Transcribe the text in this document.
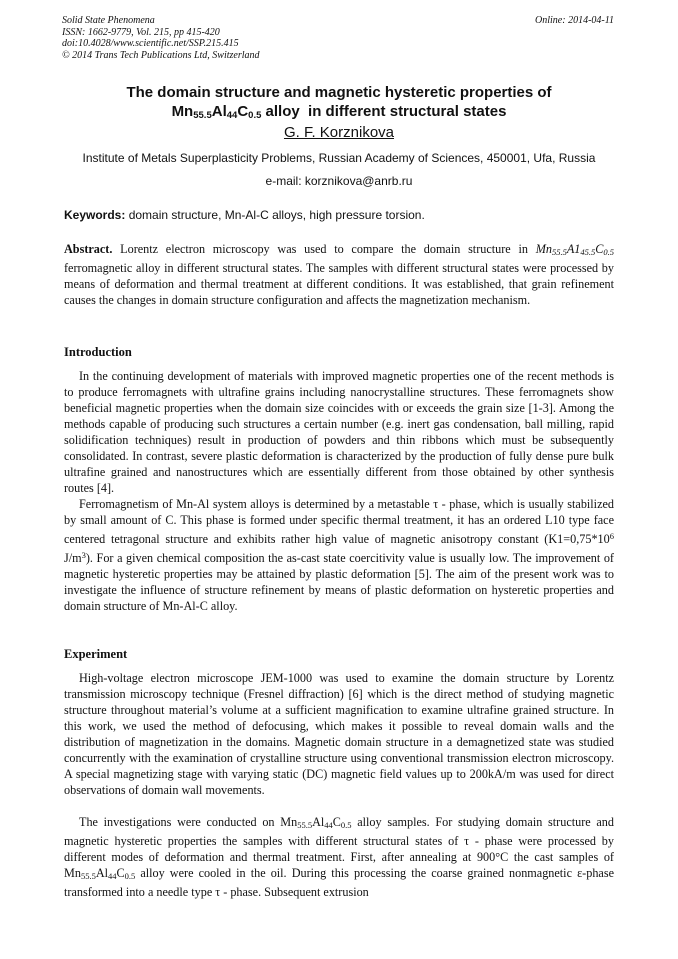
Solid State Phenomena
ISSN: 1662-9779, Vol. 215, pp 415-420
doi:10.4028/www.scientific.net/SSP.215.415
© 2014 Trans Tech Publications Ltd, Switzerland
Online: 2014-04-11
The domain structure and magnetic hysteretic properties of
$Mn_{55.5}Al_{44}C_{0.5}$ alloy  in different structural states
G. F. Korznikova
Institute of Metals Superplasticity Problems, Russian Academy of Sciences, 450001, Ufa, Russia
e-mail: korznikova@anrb.ru
Keywords: domain structure, Mn-Al-C alloys, high pressure torsion.

Abstract. Lorentz electron microscopy was used to compare the domain structure in $Mn_{55.5}A1_{45.5}C_{0.5}$ ferromagnetic alloy in different structural states. The samples with different structural states were processed by means of deformation and thermal treatment at different conditions. It was established, that grain refinement causes the changes in domain structure configuration and affects the magnetization mechanism.

Introduction

In the continuing development of materials with improved magnetic properties one of the recent methods is to produce ferromagnets with ultrafine grains including nanocrystalline structures. These ferromagnets show beneficial magnetic properties when the domain size coincides with or exceeds the grain size [1-3]. Among the methods capable of producing such structures a certain number (e.g. inert gas condensation, ball milling, rapid solidification techniques) result in production of powders and thin ribbons which must be subsequently consolidated. In contrast, severe plastic deformation is characterized by the production of fully dense pure bulk ultrafine grained and nanostructures which are essentially different from those obtained by other synthesis routes [4].

Ferromagnetism of Mn-Al system alloys is determined by a metastable τ - phase, which is usually stabilized by small amount of C. This phase is formed under specific thermal treatment, it has an ordered L10 type face centered tetragonal structure and exhibits rather high value of magnetic anisotropy constant ($K1=0,75*10^6$ $J/m^3$). For a given chemical composition the as-cast state coercitivity value is usually low. The improvement of magnetic hysteretic properties may be attained by plastic deformation [5]. The aim of the present work was to investigate the influence of structure refinement by means of plastic deformation on hysteretic properties and domain structure of Mn-Al-C alloy.

Experiment

High-voltage electron microscope JEM-1000 was used to examine the domain structure by Lorentz transmission microscopy technique (Fresnel diffraction) [6] which is the direct method of studying magnetic structure throughout material’s volume at a sufficient magnification to examine ultrafine grained structure. In this work, we used the method of defocusing, which makes it possible to reveal domain walls and the distribution of magnetization in the domains. Magnetic domain structure in a demagnetized state was studied concurrently with the examination of crystalline structure using conventional transmission electron microscopy. A special magnetizing stage with varying static (DC) magnetic field values up to 200kA/m was used for direct observations of domain wall movements.

The investigations were conducted on $Mn_{55.5}Al_{44}C_{0.5}$ alloy samples. For studying domain structure and magnetic hysteretic properties the samples with different structural states of τ - phase were processed by different modes of deformation and thermal treatment. First, after annealing at 900°C the cast samples of $Mn_{55.5}Al_{44}C_{0.5}$ alloy were cooled in the oil. During this processing the coarse grained nonmagnetic ε-phase transformed into a needle type τ - phase. Subsequent extrusion
